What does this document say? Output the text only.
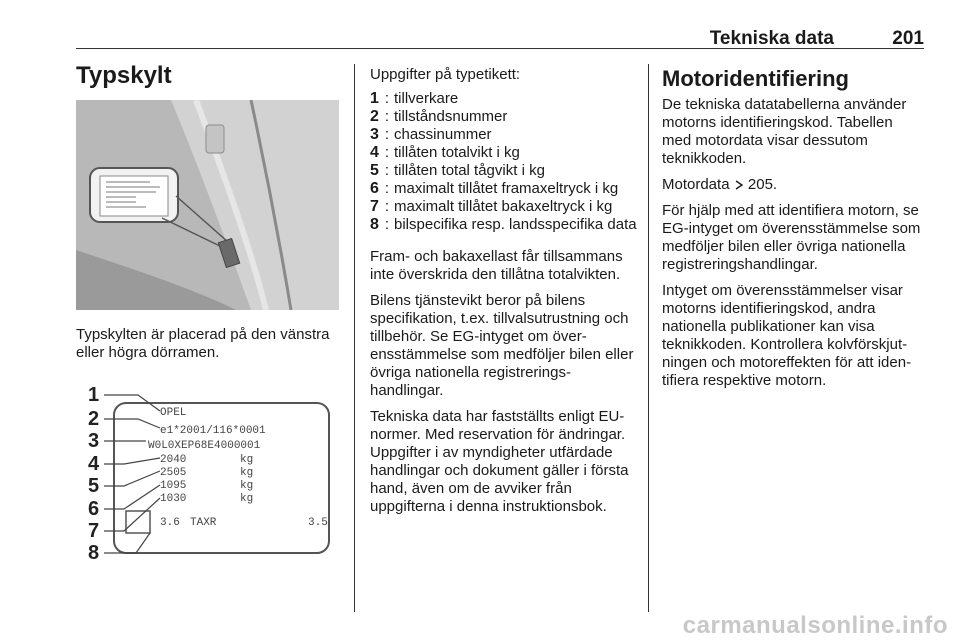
Tekniska data	201
Typskylt

Typskylten är placerad på den vänstra eller högra dörramen.

1
2
3
4
5
6
7
8
OPEL
e1*2001/116*0001
W0L0XEP68E4000001
2040
2505
1095
1030
kg
kg
kg
kg
3.6 TAXR	3.5

Uppgifter på typetikett:

1 : tillverkare
2 : tillståndsnummer
3 : chassinummer
4 : tillåten totalvikt i kg
5 : tillåten total tågvikt i kg
6 : maximalt tillåtet framaxeltryck i kg
7 : maximalt tillåtet bakaxeltryck i kg
8 : bilspecifika resp. landsspecifika data

Fram- och bakaxellast får tillsammans inte överskrida den tillåtna totalvikten.

Bilens tjänstevikt beror på bilens specifikation, t.ex. tillvalsutrustning och tillbehör. Se EG-intyget om överensstämmelse som medföljer bilen eller övriga nationella registreringshandlingar.

Tekniska data har fastställts enligt EU-normer. Med reservation för ändringar. Uppgifter i av myndigheter utfärdade handlingar och dokument gäller i första hand, även om de avviker från uppgifterna i denna instruktionsbok.

Motoridentifiering

De tekniska datatabellerna använder motorns identifieringskod. Tabellen med motordata visar dessutom teknikkoden.

Motordata 205.

För hjälp med att identifiera motorn, se EG-intyget om överensstämmelse som medföljer bilen eller övriga nationella registreringshandlingar.

Intyget om överensstämmelser visar motorns identifieringskod, andra nationella publikationer kan visa teknikkoden. Kontrollera kolvförskjutningen och motoreffekten för att identifiera respektive motorn.

carmanualsonline.info
